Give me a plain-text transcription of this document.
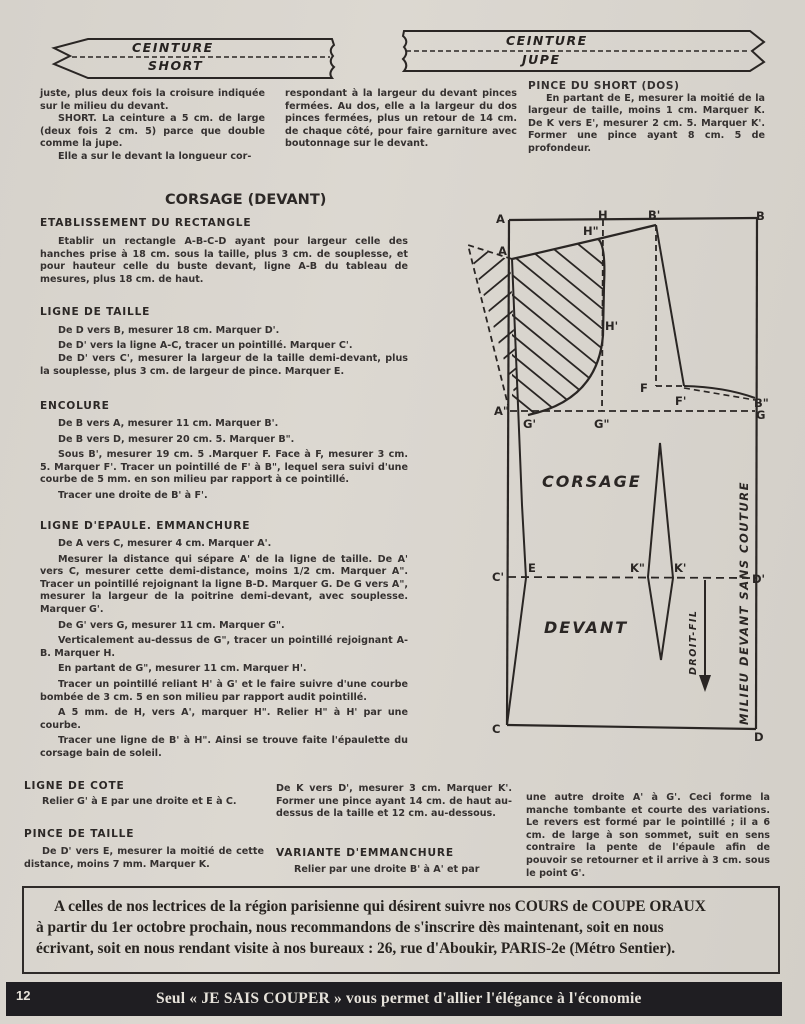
CEINTURE
SHORT
CEINTURE
JUPE

juste, plus deux fois la croisure indiquée sur le milieu du devant.

SHORT. La ceinture a 5 cm. de large (deux fois 2 cm. 5) parce que double comme la jupe.

Elle a sur le devant la longueur cor-

respondant à la largeur du devant pinces fermées. Au dos, elle a la largeur du dos pinces fermées, plus un retour de 14 cm. de chaque côté, pour faire garniture avec boutonnage sur le devant.

PINCE DU SHORT (DOS)

En partant de E, mesurer la moitié de la largeur de taille, moins 1 cm. Marquer K. De K vers E', mesurer 2 cm. 5. Marquer K'. Former une pince ayant 8 cm. 5 de profondeur.

CORSAGE (DEVANT)
ETABLISSEMENT DU RECTANGLE

Etablir un rectangle A-B-C-D ayant pour largeur celle des hanches prise à 18 cm. sous la taille, plus 3 cm. de souplesse, et pour hauteur celle du buste devant, ligne A-B du tableau de mesures, plus 18 cm. de haut.

LIGNE DE TAILLE

De D vers B, mesurer 18 cm. Marquer D'.

De D' vers la ligne A-C, tracer un pointillé. Marquer C'.

De D' vers C', mesurer la largeur de la taille demi-devant, plus la souplesse, plus 3 cm. de largeur de pince. Marquer E.

ENCOLURE

De B vers A, mesurer 11 cm. Marquer B'.

De B vers D, mesurer 20 cm. 5. Marquer B".

Sous B', mesurer 19 cm. 5 .Marquer F. Face à F, mesurer 3 cm. 5. Marquer F'. Tracer un pointillé de F' à B", lequel sera suivi d'une courbe de 5 mm. en son milieu par rapport à ce pointillé.

Tracer une droite de B' à F'.

LIGNE D'EPAULE. EMMANCHURE

De A vers C, mesurer 4 cm. Marquer A'.

Mesurer la distance qui sépare A' de la ligne de taille. De A' vers C, mesurer cette demi-distance, moins 1/2 cm. Marquer A". Tracer un pointillé rejoignant la ligne B-D. Marquer G. De G vers A", mesurer la largeur de la poitrine demi-devant, avec souplesse. Marquer G'.

De G' vers G, mesurer 11 cm. Marquer G".

Verticalement au-dessus de G", tracer un pointillé rejoignant A-B. Marquer H.

En partant de G", mesurer 11 cm. Marquer H'.

Tracer un pointillé reliant H' à G' et le faire suivre d'une courbe bombée de 3 cm. 5 en son milieu par rapport audit pointillé.

A 5 mm. de H, vers A', marquer H". Relier H" à H' par une courbe.

Tracer une ligne de B' à H". Ainsi se trouve faite l'épaulette du corsage bain de soleil.

LIGNE DE COTE

Relier G' à E par une droite et E à C.

PINCE DE TAILLE

De D' vers E, mesurer la moitié de cette distance, moins 7 mm. Marquer K.

De K vers D', mesurer 3 cm. Marquer K'. Former une pince ayant 14 cm. de haut au-dessus de la taille et 12 cm. au-dessous.

VARIANTE D'EMMANCHURE

Relier par une droite B' à A' et par

une autre droite A' à G'. Ceci forme la manche tombante et courte des variations. Le revers est formé par le pointillé ; il a 6 cm. de large à son sommet, suit en sens contraire la pente de l'épaule afin de pouvoir se retourner et il arrive à 3 cm. sous le point G'.

A	H	B'	B
H"
A'
H'
F
F'	B"
A"
G'	G"
G
C'
E	K"	K'
D'
C
D
CORSAGE
DEVANT	DROIT-FIL	MILIEU DEVANT SANS COUTURE
A celles de nos lectrices de la région parisienne qui désirent suivre nos COURS de COUPE ORAUX
à partir du 1er octobre prochain, nous recommandons de s'inscrire dès maintenant, soit en nous
écrivant, soit en nous rendant visite à nos bureaux : 26, rue d'Aboukir, PARIS-2e (Métro Sentier).
12	Seul « JE SAIS COUPER » vous permet d'allier l'élégance à l'économie
